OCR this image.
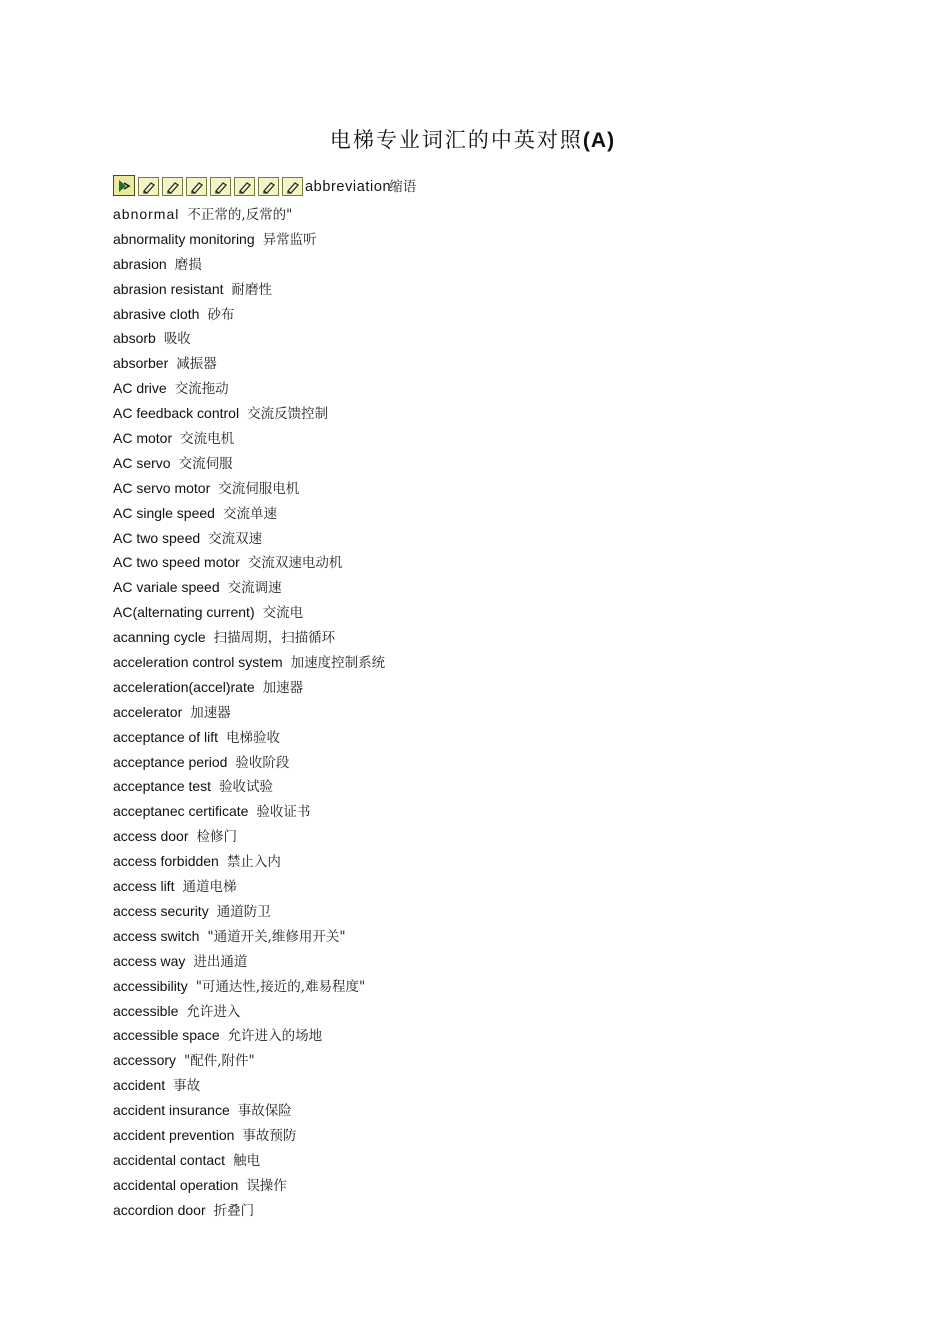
电梯专业词汇的中英对照(A)
abbreviation
缩语
abnormal 不正常的,反常的"
abnormality monitoring 异常监听
abrasion 磨损
abrasion resistant 耐磨性
abrasive cloth 砂布
absorb 吸收
absorber 减振器
AC drive 交流拖动
AC feedback control 交流反馈控制
AC motor 交流电机
AC servo 交流伺服
AC servo motor 交流伺服电机
AC single speed 交流单速
AC two speed 交流双速
AC two speed motor 交流双速电动机
AC variale speed 交流调速
AC(alternating current) 交流电
acanning cycle 扫描周期，扫描循环
acceleration control system 加速度控制系统
acceleration(accel)rate 加速器
accelerator 加速器
acceptance of lift 电梯验收
acceptance period 验收阶段
acceptance test 验收试验
acceptanec certificate 验收证书
access door 检修门
access forbidden 禁止入内
access lift 通道电梯
access security 通道防卫
access switch "通道开关,维修用开关"
access way 进出通道
accessibility "可通达性,接近的,难易程度"
accessible 允许进入
accessible space 允许进入的场地
accessory "配件,附件"
accident 事故
accident insurance 事故保险
accident prevention 事故预防
accidental contact 触电
accidental operation 误操作
accordion door 折叠门
